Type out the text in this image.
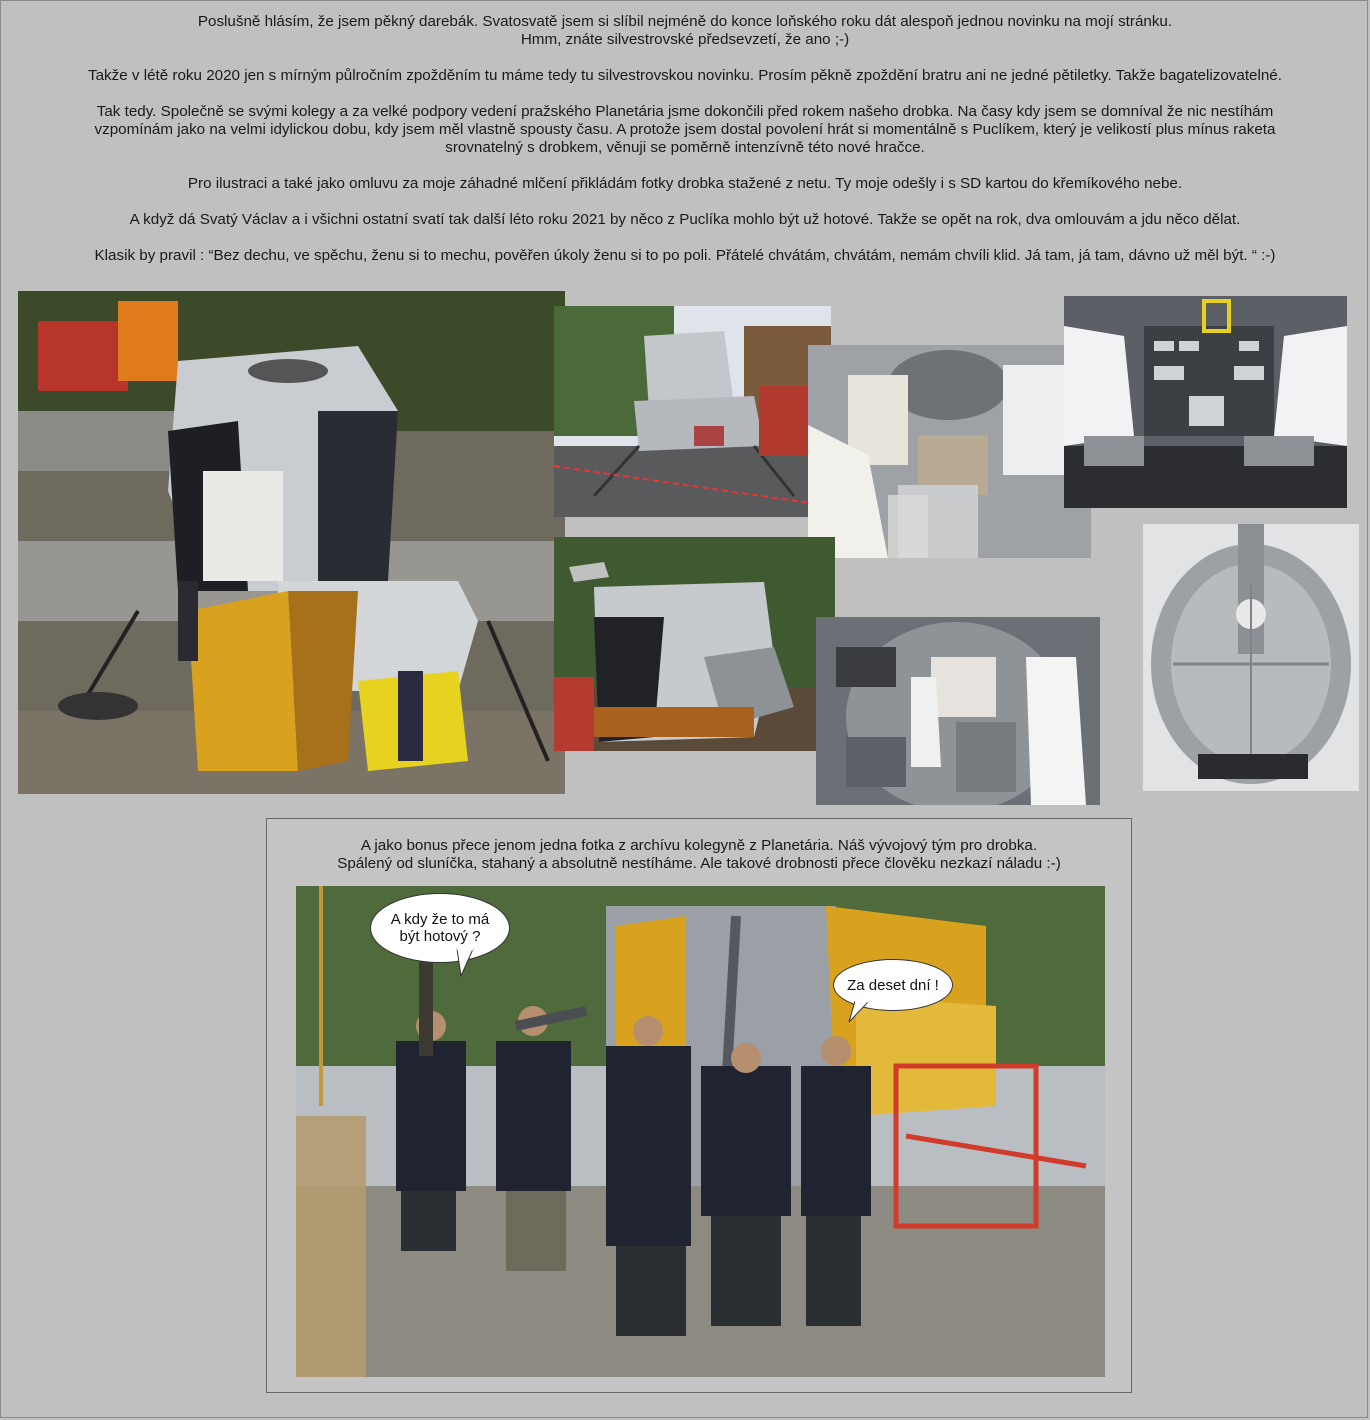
Poslušně hlásím, že jsem pěkný darebák. Svatosvatě jsem si slíbil nejméně do konce loňského roku dát alespoň jednou novinku na mojí stránku.
Hmm, znáte silvestrovské předsevzetí, že ano ;-)

Takže v létě roku 2020 jen s mírným půlročním zpožděním tu máme tedy tu silvestrovskou novinku. Prosím pěkně zpoždění bratru ani ne jedné pětiletky. Takže bagatelizovatelné.

Tak tedy. Společně se svými kolegy a za velké podpory vedení pražského Planetária jsme dokončili před rokem našeho drobka. Na časy kdy jsem se domníval že nic nestíhám
vzpomínám jako na velmi idylickou dobu, kdy jsem měl vlastně spousty času. A protože jsem dostal povolení hrát si momentálně s Puclíkem, který je velikostí plus mínus raketa
srovnatelný s drobkem, věnuji se poměrně intenzívně této nové hračce.

Pro ilustraci a také jako omluvu za moje záhadné mlčení přikládám fotky drobka stažené z netu. Ty moje odešly i s SD kartou do křemíkového nebe.

A když dá Svatý Václav a i všichni ostatní svatí tak další léto roku 2021 by něco z Puclíka mohlo být už hotové. Takže se opět na rok, dva omlouvám a jdu něco dělat.

Klasik by pravil : “Bez dechu, ve spěchu, ženu si to mechu, pověřen úkoly ženu si to po poli. Přátelé chvátám, chvátám, nemám chvíli klid. Já tam, já tam, dávno už měl být. “ :-)

A jako bonus přece jenom jedna fotka z archívu kolegyně z Planetária. Náš vývojový tým pro drobka.
Spálený od sluníčka, stahaný a absolutně nestíháme. Ale takové drobnosti přece člověku nezkazí náladu :-)
A kdy že to má
být hotový ?
Za deset dní !
